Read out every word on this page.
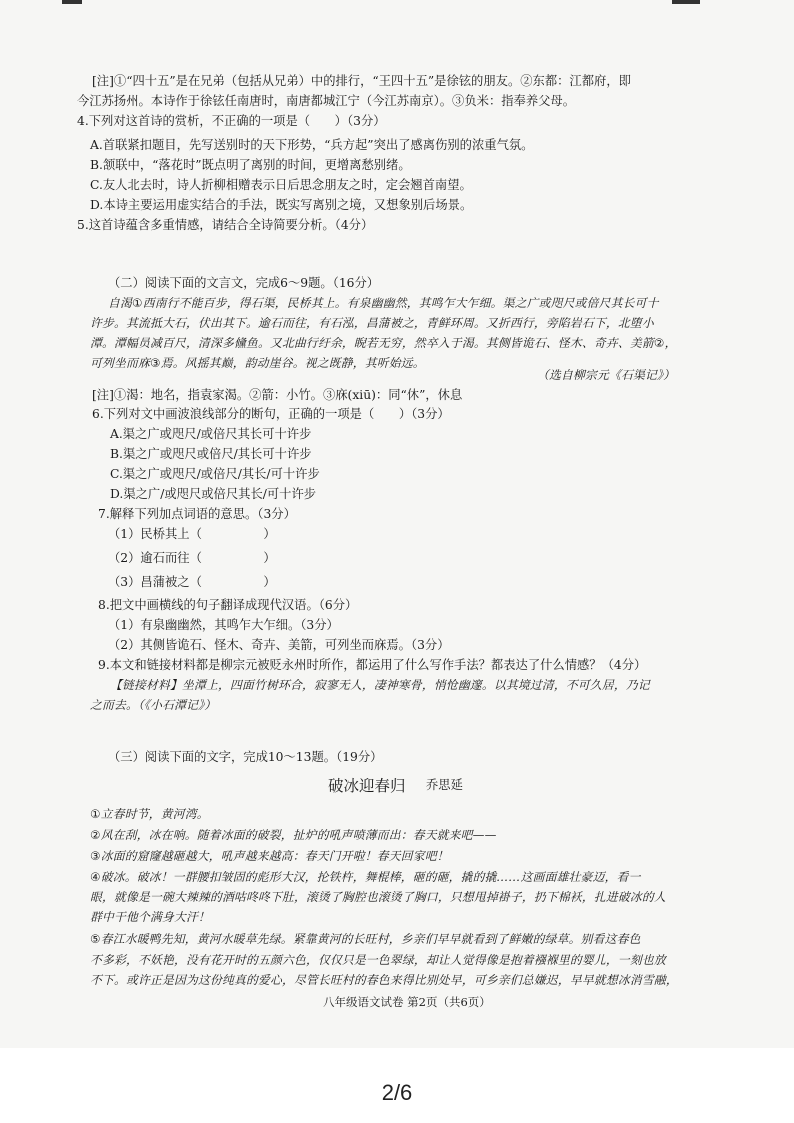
[注]①“四十五”是在兄弟（包括从兄弟）中的排行，“王四十五”是徐铉的朋友。②东都：江都府，即
今江苏扬州。本诗作于徐铉任南唐时，南唐都城江宁（今江苏南京）。③负米：指奉养父母。
4.下列对这首诗的赏析，不正确的一项是（　　）（3分）
A.首联紧扣题目，先写送别时的天下形势，“兵方起”突出了感离伤别的浓重气氛。
B.颔联中，“落花时”既点明了离别的时间，更增离愁别绪。
C.友人北去时，诗人折柳相赠表示日后思念朋友之时，定会翘首南望。
D.本诗主要运用虚实结合的手法，既实写离别之境，又想象别后场景。
5.这首诗蕴含多重情感，请结合全诗简要分析。（4分）
（二）阅读下面的文言文，完成6～9题。（16分）
自渴①西南行不能百步，得石渠，民桥其上。有泉幽幽然，其鸣乍大乍细。渠之广或咫尺或倍尺其长可十
许步。其流抵大石，伏出其下。逾石而往，有石泓，昌蒲被之，青鲜环周。又折西行，旁陷岩石下，北堕小
潭。潭幅员减百尺，清深多儵鱼。又北曲行纡余，睨若无穷，然卒入于渴。其侧皆诡石、怪木、奇卉、美箭②，
可列坐而庥③焉。风摇其巅，韵动崖谷。视之既静，其听始远。
（选自柳宗元《石渠记》）
[注]①渴：地名，指袁家渴。②箭：小竹。③庥(xiū)：同“休”，休息
6.下列对文中画波浪线部分的断句，正确的一项是（　　）（3分）
A.渠之广或咫尺/或倍尺其长可十许步
B.渠之广或咫尺或倍尺/其长可十许步
C.渠之广或咫尺/或倍尺/其长/可十许步
D.渠之广/或咫尺或倍尺其长/可十许步
7.解释下列加点词语的意思。（3分）
（1）民桥其上（　　　　　）
（2）逾石而往（　　　　　）
（3）昌蒲被之（　　　　　）
8.把文中画横线的句子翻译成现代汉语。（6分）
（1）有泉幽幽然，其鸣乍大乍细。（3分）
（2）其侧皆诡石、怪木、奇卉、美箭，可列坐而庥焉。（3分）
9.本文和链接材料都是柳宗元被贬永州时所作，都运用了什么写作手法？都表达了什么情感？（4分）
【链接材料】坐潭上，四面竹树环合，寂寥无人，凄神寒骨，悄怆幽邃。以其境过清，不可久居，乃记
之而去。（《小石潭记》）
（三）阅读下面的文字，完成10～13题。（19分）
破冰迎春归 乔思延
①立春时节，黄河湾。
②风在刮，冰在响。随着冰面的破裂，扯炉的吼声喷薄而出：春天就来吧——
③冰面的窟窿越砸越大，吼声越来越高：春天门开啦！春天回家吧！
④破冰。破冰！一群腰扣皱固的彪形大汉，抡铁杵，舞棍棒，砸的砸，撬的撬……这画面雄壮豪迈，看一
眼，就像是一碗大辣辣的酒咕咚咚下肚，滚烫了胸腔也滚烫了胸口，只想甩掉褂子，扔下棉袄，扎进破冰的人
群中干他个满身大汗！
⑤春江水暖鸭先知，黄河水暖草先绿。紧靠黄河的长旺村，乡亲们早早就看到了鲜嫩的绿草。别看这春色
不多彩，不妖艳，没有花开时的五颜六色，仅仅只是一色翠绿，却让人觉得像是抱着襁褓里的婴儿，一刻也放
不下。或许正是因为这份纯真的爱心，尽管长旺村的春色来得比别处早，可乡亲们总嫌迟，早早就想冰消雪融，
八年级语文试卷 第2页（共6页）
2/6
